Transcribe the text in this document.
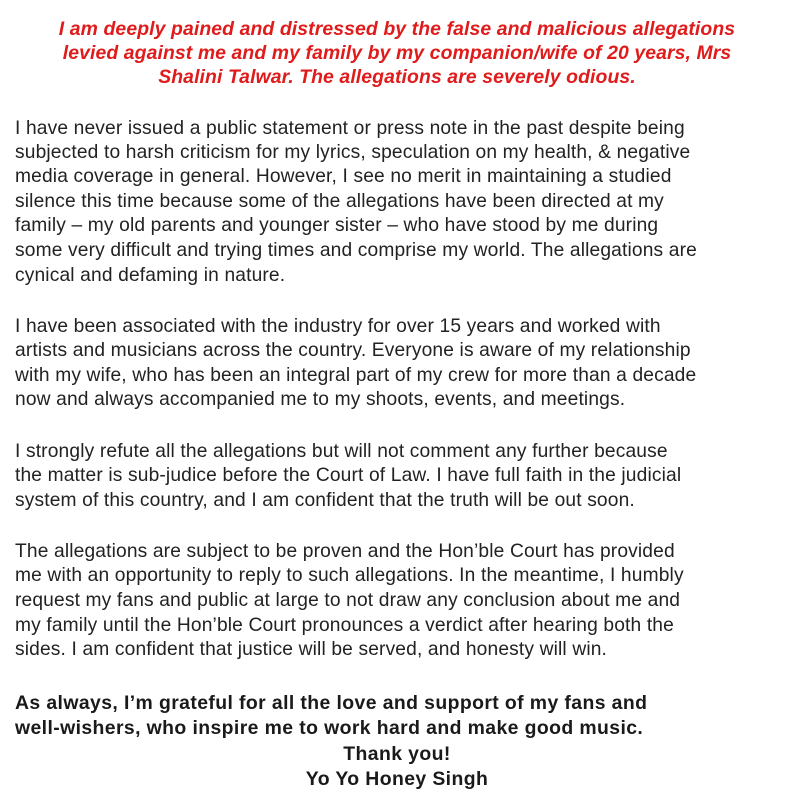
I am deeply pained and distressed by the false and malicious allegations
levied against me and my family by my companion/wife of 20 years, Mrs
Shalini Talwar. The allegations are severely odious.
I have never issued a public statement or press note in the past despite being
subjected to harsh criticism for my lyrics, speculation on my health, & negative
media coverage in general. However, I see no merit in maintaining a studied
silence this time because some of the allegations have been directed at my
family – my old parents and younger sister – who have stood by me during
some very difficult and trying times and comprise my world. The allegations are
cynical and defaming in nature.
I have been associated with the industry for over 15 years and worked with
artists and musicians across the country. Everyone is aware of my relationship
with my wife, who has been an integral part of my crew for more than a decade
now and always accompanied me to my shoots, events, and meetings.
I strongly refute all the allegations but will not comment any further because
the matter is sub-judice before the Court of Law. I have full faith in the judicial
system of this country, and I am confident that the truth will be out soon.
The allegations are subject to be proven and the Hon’ble Court has provided
me with an opportunity to reply to such allegations. In the meantime, I humbly
request my fans and public at large to not draw any conclusion about me and
my family until the Hon’ble Court pronounces a verdict after hearing both the
sides. I am confident that justice will be served, and honesty will win.
As always, I’m grateful for all the love and support of my fans and
well-wishers, who inspire me to work hard and make good music.
Thank you!
Yo Yo Honey Singh
